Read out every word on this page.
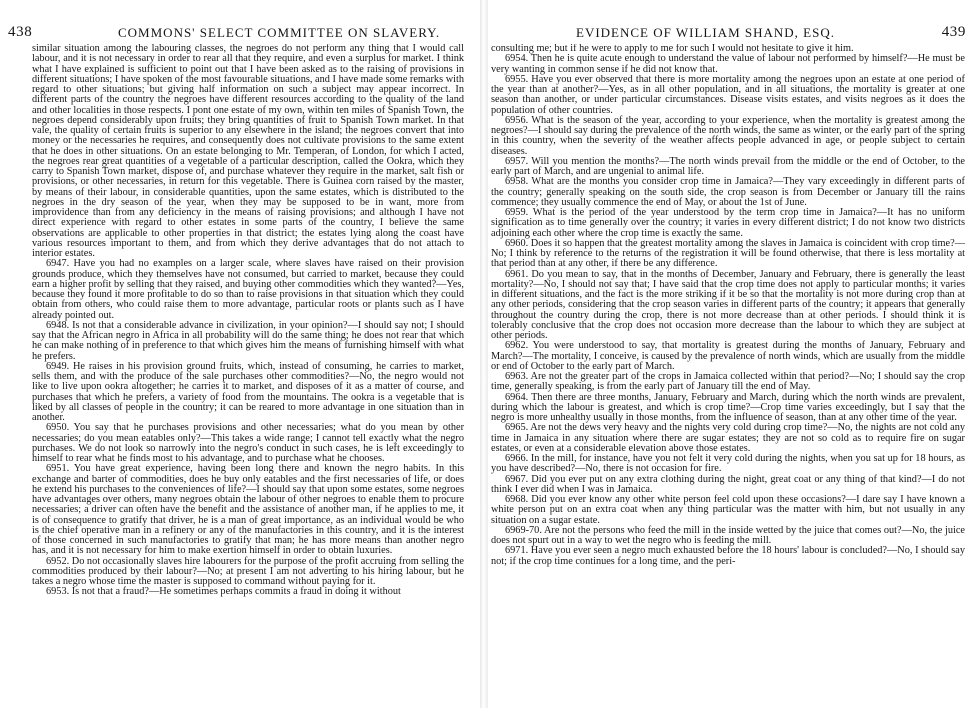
438	COMMONS' SELECT COMMITTEE ON SLAVERY.

similar situation among the labouring classes, the negroes do not perform any thing that I would call labour, and it is not necessary in order to rear all that they require, and even a surplus for market. I think what I have explained is sufficient to point out that I have been asked as to the raising of provisions in different situations; I have spoken of the most favourable situations, and I have made some remarks with regard to other situations; but giving half information on such a subject may appear incorrect. In different parts of the country the negroes have different resources according to the quality of the land and other localities in those respects. I pont one estate of my own, within ten miles of Spanish Town, the negroes depend considerably upon fruits; they bring quantities of fruit to Spanish Town market. In that vale, the quality of certain fruits is superior to any elsewhere in the island; the negroes convert that into money or the necessaries he requires, and consequently does not cultivate provisions to the same extent that he does in other situations. On an estate belonging to Mr. Temperan, of London, for which I acted, the negroes rear great quantities of a vegetable of a particular description, called the Ookra, which they carry to Spanish Town market, dispose of, and purchase whatever they require in the market, salt fish or provisions, or other necessaries, in return for this vegetable. There is Guinea corn raised by the master, by means of their labour, in considerable quantities, upon the same estates, which is distributed to the negroes in the dry season of the year, when they may be supposed to be in want, more from improvidence than from any deficiency in the means of raising provisions; and although I have not direct experience with regard to other estates in some parts of the country, I believe the same observations are applicable to other properties in that district; the estates lying along the coast have various resources important to them, and from which they derive advantages that do not attach to interior estates.

6947. Have you had no examples on a larger scale, where slaves have raised on their provision grounds produce, which they themselves have not consumed, but carried to market, because they could earn a higher profit by selling that they raised, and buying other commodities which they wanted?—Yes, because they found it more profitable to do so than to raise provisions in that situation which they could obtain from others, who could raise them to more advantage, particular roots or plants such as I have already pointed out.

6948. Is not that a considerable advance in civilization, in your opinion?—I should say not; I should say that the African negro in Africa in all probability will do the same thing; he does not rear that which he can make nothing of in preference to that which gives him the means of furnishing himself with what he prefers.

6949. He raises in his provision ground fruits, which, instead of consuming, he carries to market, sells them, and with the produce of the sale purchases other commodities?—No, the negro would not like to live upon ookra altogether; he carries it to market, and disposes of it as a matter of course, and purchases that which he prefers, a variety of food from the mountains. The ookra is a vegetable that is liked by all classes of people in the country; it can be reared to more advantage in one situation than in another.

6950. You say that he purchases provisions and other necessaries; what do you mean by other necessaries; do you mean eatables only?—This takes a wide range; I cannot tell exactly what the negro purchases. We do not look so narrowly into the negro's conduct in such cases, he is left exceedingly to himself to rear what he finds most to his advantage, and to purchase what he chooses.

6951. You have great experience, having been long there and known the negro habits. In this exchange and barter of commodities, does he buy only eatables and the first necessaries of life, or does he extend his purchases to the conveniences of life?—I should say that upon some estates, some negroes have advantages over others, many negroes obtain the labour of other negroes to enable them to procure necessaries; a driver can often have the benefit and the assistance of another man, if he applies to me, it is of consequence to gratify that driver, he is a man of great importance, as an individual would be who is the chief operative man in a refinery or any of the manufactories in this country, and it is the interest of those concerned in such manufactories to gratify that man; he has more means than another negro has, and it is not necessary for him to make exertion himself in order to obtain luxuries.

6952. Do not occasionally slaves hire labourers for the purpose of the profit accruing from selling the commodities produced by their labour?—No; at present I am not adverting to his hiring labour, but he takes a negro whose time the master is supposed to command without paying for it.

6953. Is not that a fraud?—He sometimes perhaps commits a fraud in doing it without

EVIDENCE OF WILLIAM SHAND, ESQ.	439

consulting me; but if he were to apply to me for such I would not hesitate to give it him.

6954. Then he is quite acute enough to understand the value of labour not performed by himself?—He must be very wanting in common sense if he did not know that.

6955. Have you ever observed that there is more mortality among the negroes upon an estate at one period of the year than at another?—Yes, as in all other population, and in all situations, the mortality is greater at one season than another, or under particular circumstances. Disease visits estates, and visits negroes as it does the population of other countries.

6956. What is the season of the year, according to your experience, when the mortality is greatest among the negroes?—I should say during the prevalence of the north winds, the same as winter, or the early part of the spring in this country, when the severity of the weather affects people advanced in age, or people subject to certain diseases.

6957. Will you mention the months?—The north winds prevail from the middle or the end of October, to the early part of March, and are ungenial to animal life.

6958. What are the months you consider crop time in Jamaica?—They vary exceedingly in different parts of the country; generally speaking on the south side, the crop season is from December or January till the rains commence; they usually commence the end of May, or about the 1st of June.

6959. What is the period of the year understood by the term crop time in Jamaica?—It has no uniform signification as to time generally over the country; it varies in every different district; I do not know two districts adjoining each other where the crop time is exactly the same.

6960. Does it so happen that the greatest mortality among the slaves in Jamaica is coincident with crop time?—No; I think by reference to the returns of the registration it will be found otherwise, that there is less mortality at that period than at any other, if there be any difference.

6961. Do you mean to say, that in the months of December, January and February, there is generally the least mortality?—No, I should not say that; I have said that the crop time does not apply to particular months; it varies in different situations, and the fact is the more striking if it be so that the mortality is not more during crop than at any other periods, considering that the crop season varies in different parts of the country; it appears that generally throughout the country during the crop, there is not more decrease than at other periods. I should think it is tolerably conclusive that the crop does not occasion more decrease than the labour to which they are subject at other periods.

6962. You were understood to say, that mortality is greatest during the months of January, February and March?—The mortality, I conceive, is caused by the prevalence of north winds, which are usually from the middle or end of October to the early part of March.

6963. Are not the greater part of the crops in Jamaica collected within that period?—No; I should say the crop time, generally speaking, is from the early part of January till the end of May.

6964. Then there are three months, January, February and March, during which the north winds are prevalent, during which the labour is greatest, and which is crop time?—Crop time varies exceedingly, but I say that the negro is more unhealthy usually in those months, from the influence of season, than at any other time of the year.

6965. Are not the dews very heavy and the nights very cold during crop time?—No, the nights are not cold any time in Jamaica in any situation where there are sugar estates; they are not so cold as to require fire on sugar estates, or even at a considerable elevation above those estates.

6966. In the mill, for instance, have you not felt it very cold during the nights, when you sat up for 18 hours, as you have described?—No, there is not occasion for fire.

6967. Did you ever put on any extra clothing during the night, great coat or any thing of that kind?—I do not think I ever did when I was in Jamaica.

6968. Did you ever know any other white person feel cold upon these occasions?—I dare say I have known a white person put on an extra coat when any thing particular was the matter with him, but not usually in any situation on a sugar estate.

6969-70. Are not the persons who feed the mill in the inside wetted by the juice that comes out?—No, the juice does not spurt out in a way to wet the negro who is feeding the mill.

6971. Have you ever seen a negro much exhausted before the 18 hours' labour is concluded?—No, I should say not; if the crop time continues for a long time, and the peri-
